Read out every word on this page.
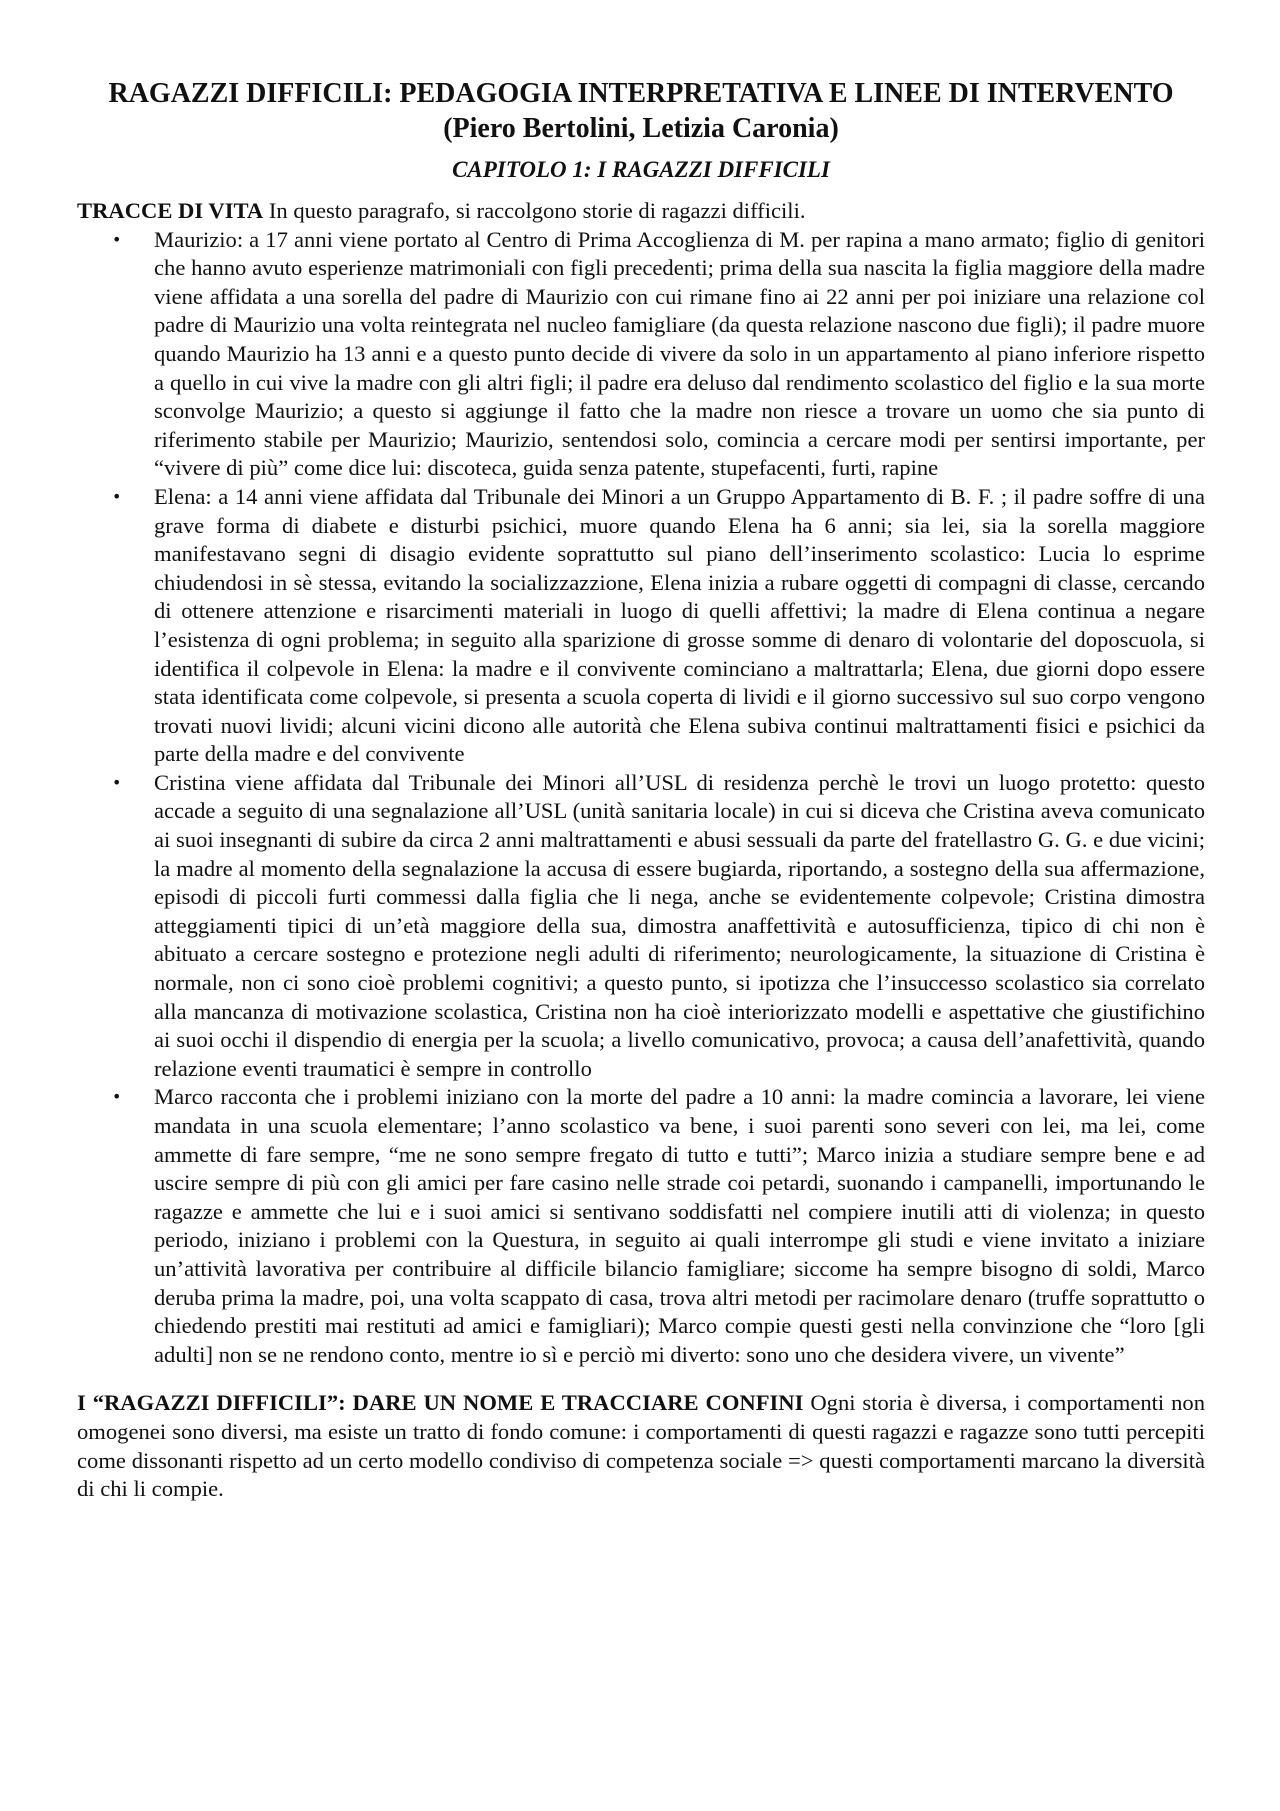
RAGAZZI DIFFICILI: PEDAGOGIA INTERPRETATIVA E LINEE DI INTERVENTO (Piero Bertolini, Letizia Caronia)
CAPITOLO 1: I RAGAZZI DIFFICILI

TRACCE DI VITA In questo paragrafo, si raccolgono storie di ragazzi difficili.

• Maurizio: a 17 anni viene portato al Centro di Prima Accoglienza di M. per rapina a mano armato; figlio di genitori che hanno avuto esperienze matrimoniali con figli precedenti; prima della sua nascita la figlia maggiore della madre viene affidata a una sorella del padre di Maurizio con cui rimane fino ai 22 anni per poi iniziare una relazione col padre di Maurizio una volta reintegrata nel nucleo famigliare (da questa relazione nascono due figli); il padre muore quando Maurizio ha 13 anni e a questo punto decide di vivere da solo in un appartamento al piano inferiore rispetto a quello in cui vive la madre con gli altri figli; il padre era deluso dal rendimento scolastico del figlio e la sua morte sconvolge Maurizio; a questo si aggiunge il fatto che la madre non riesce a trovare un uomo che sia punto di riferimento stabile per Maurizio; Maurizio, sentendosi solo, comincia a cercare modi per sentirsi importante, per “vivere di più” come dice lui: discoteca, guida senza patente, stupefacenti, furti, rapine
• Elena: a 14 anni viene affidata dal Tribunale dei Minori a un Gruppo Appartamento di B. F. ; il padre soffre di una grave forma di diabete e disturbi psichici, muore quando Elena ha 6 anni; sia lei, sia la sorella maggiore manifestavano segni di disagio evidente soprattutto sul piano dell’inserimento scolastico: Lucia lo esprime chiudendosi in sè stessa, evitando la socializzazzione, Elena inizia a rubare oggetti di compagni di classe, cercando di ottenere attenzione e risarcimenti materiali in luogo di quelli affettivi; la madre di Elena continua a negare l’esistenza di ogni problema; in seguito alla sparizione di grosse somme di denaro di volontarie del doposcuola, si identifica il colpevole in Elena: la madre e il convivente cominciano a maltrattarla; Elena, due giorni dopo essere stata identificata come colpevole, si presenta a scuola coperta di lividi e il giorno successivo sul suo corpo vengono trovati nuovi lividi; alcuni vicini dicono alle autorità che Elena subiva continui maltrattamenti fisici e psichici da parte della madre e del convivente
• Cristina viene affidata dal Tribunale dei Minori all’USL di residenza perchè le trovi un luogo protetto: questo accade a seguito di una segnalazione all’USL (unità sanitaria locale) in cui si diceva che Cristina aveva comunicato ai suoi insegnanti di subire da circa 2 anni maltrattamenti e abusi sessuali da parte del fratellastro G. G. e due vicini; la madre al momento della segnalazione la accusa di essere bugiarda, riportando, a sostegno della sua affermazione, episodi di piccoli furti commessi dalla figlia che li nega, anche se evidentemente colpevole; Cristina dimostra atteggiamenti tipici di un’età maggiore della sua, dimostra anaffettività e autosufficienza, tipico di chi non è abituato a cercare sostegno e protezione negli adulti di riferimento; neurologicamente, la situazione di Cristina è normale, non ci sono cioè problemi cognitivi; a questo punto, si ipotizza che l’insuccesso scolastico sia correlato alla mancanza di motivazione scolastica, Cristina non ha cioè interiorizzato modelli e aspettative che giustifichino ai suoi occhi il dispendio di energia per la scuola; a livello comunicativo, provoca; a causa dell’anafettività, quando relazione eventi traumatici è sempre in controllo
• Marco racconta che i problemi iniziano con la morte del padre a 10 anni: la madre comincia a lavorare, lei viene mandata in una scuola elementare; l’anno scolastico va bene, i suoi parenti sono severi con lei, ma lei, come ammette di fare sempre, “me ne sono sempre fregato di tutto e tutti”; Marco inizia a studiare sempre bene e ad uscire sempre di più con gli amici per fare casino nelle strade coi petardi, suonando i campanelli, importunando le ragazze e ammette che lui e i suoi amici si sentivano soddisfatti nel compiere inutili atti di violenza; in questo periodo, iniziano i problemi con la Questura, in seguito ai quali interrompe gli studi e viene invitato a iniziare un’attività lavorativa per contribuire al difficile bilancio famigliare; siccome ha sempre bisogno di soldi, Marco deruba prima la madre, poi, una volta scappato di casa, trova altri metodi per racimolare denaro (truffe soprattutto o chiedendo prestiti mai restituti ad amici e famigliari); Marco compie questi gesti nella convinzione che “loro [gli adulti] non se ne rendono conto, mentre io sì e perciò mi diverto: sono uno che desidera vivere, un vivente”

I “RAGAZZI DIFFICILI”: DARE UN NOME E TRACCIARE CONFINI Ogni storia è diversa, i comportamenti non omogenei sono diversi, ma esiste un tratto di fondo comune: i comportamenti di questi ragazzi e ragazze sono tutti percepiti come dissonanti rispetto ad un certo modello condiviso di competenza sociale => questi comportamenti marcano la diversità di chi li compie.
